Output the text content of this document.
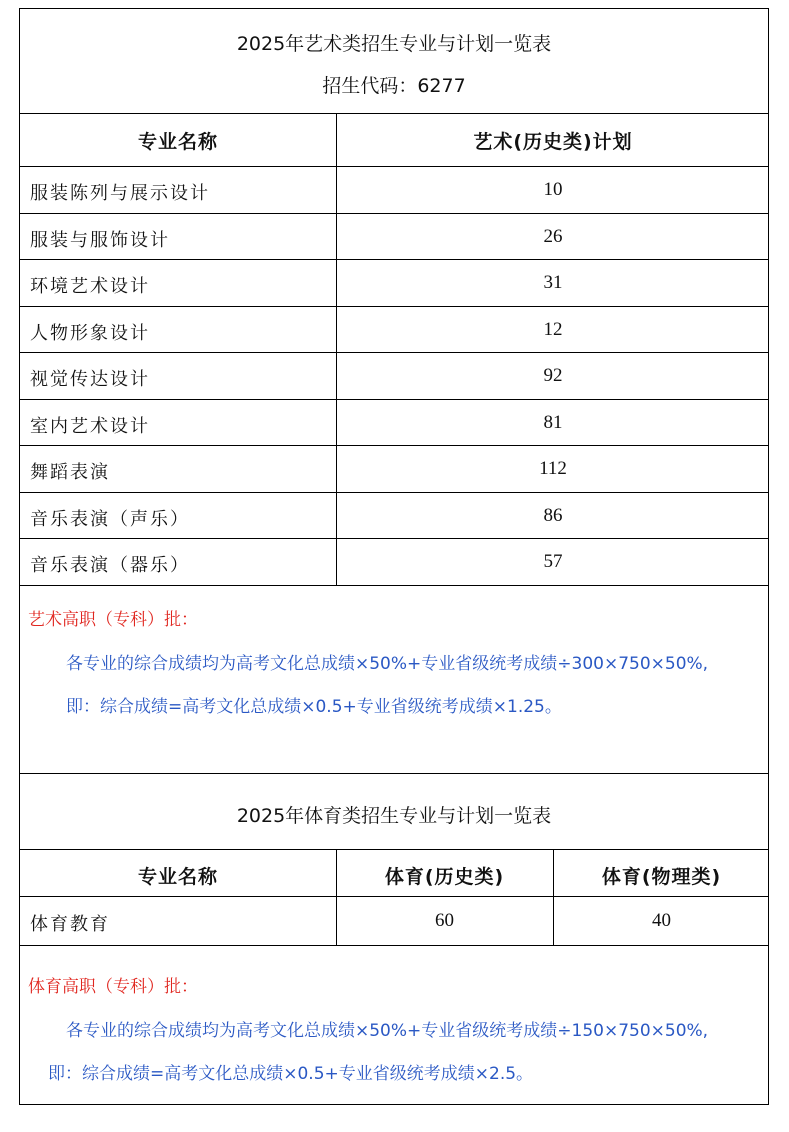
2025年艺术类招生专业与计划一览表
招生代码：6277
专业名称	艺术(历史类)计划
服装陈列与展示设计	10
服装与服饰设计	26
环境艺术设计	31
人物形象设计	12
视觉传达设计	92
室内艺术设计	81
舞蹈表演	112
音乐表演（声乐）	86
音乐表演（器乐）	57
艺术高职（专科）批：
各专业的综合成绩均为高考文化总成绩×50%+专业省级统考成绩÷300×750×50%,
即：综合成绩=高考文化总成绩×0.5+专业省级统考成绩×1.25。
2025年体育类招生专业与计划一览表
专业名称	体育(历史类)	体育(物理类)
体育教育	60	40
体育高职（专科）批：
各专业的综合成绩均为高考文化总成绩×50%+专业省级统考成绩÷150×750×50%,
即：综合成绩=高考文化总成绩×0.5+专业省级统考成绩×2.5。
